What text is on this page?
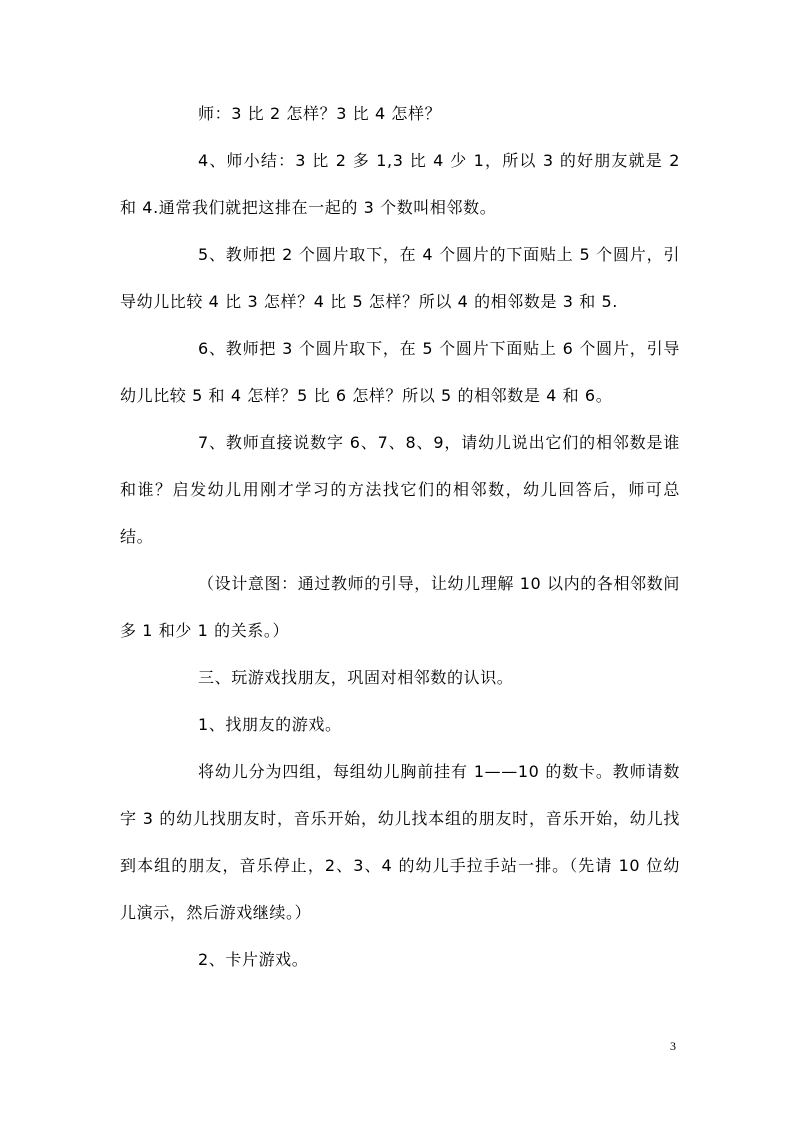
师：3 比 2 怎样？3 比 4 怎样？

4、师小结：3 比 2 多 1,3 比 4 少 1，所以 3 的好朋友就是 2 和 4.通常我们就把这排在一起的 3 个数叫相邻数。

5、教师把 2 个圆片取下，在 4 个圆片的下面贴上 5 个圆片，引导幼儿比较 4 比 3 怎样？4 比 5 怎样？所以 4 的相邻数是 3 和 5.

6、教师把 3 个圆片取下，在 5 个圆片下面贴上 6 个圆片，引导幼儿比较 5 和 4 怎样？5 比 6 怎样？所以 5 的相邻数是 4 和 6。

7、教师直接说数字 6、7、8、9，请幼儿说出它们的相邻数是谁和谁？启发幼儿用刚才学习的方法找它们的相邻数，幼儿回答后，师可总结。

（设计意图：通过教师的引导，让幼儿理解 10 以内的各相邻数间多 1 和少 1 的关系。）

三、玩游戏找朋友，巩固对相邻数的认识。

1、找朋友的游戏。

将幼儿分为四组，每组幼儿胸前挂有 1——10 的数卡。教师请数字 3 的幼儿找朋友时，音乐开始，幼儿找本组的朋友时，音乐开始，幼儿找到本组的朋友，音乐停止，2、3、4 的幼儿手拉手站一排。（先请 10 位幼儿演示，然后游戏继续。）

2、卡片游戏。

3
